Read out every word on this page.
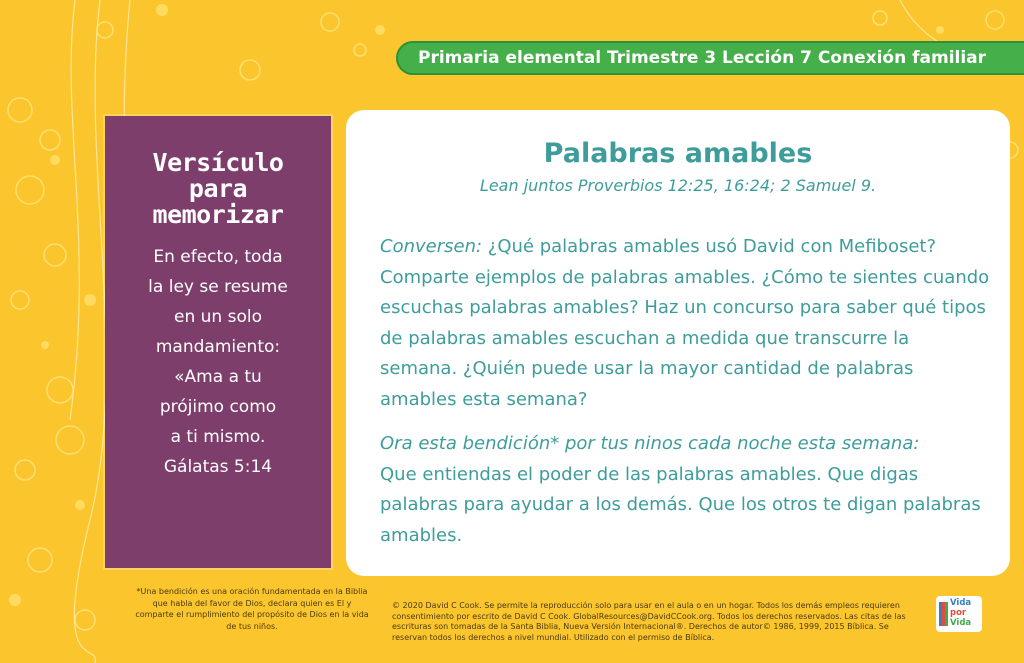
Primaria elemental Trimestre 3 Lección 7 Conexión familiar
Versículo
para
memorizar
En efecto, toda
la ley se resume
en un solo
mandamiento:
«Ama a tu
prójimo como
a ti mismo.
Gálatas 5:14
Palabras amables
Lean juntos Proverbios 12:25, 16:24; 2 Samuel 9.

Conversen: ¿Qué palabras amables usó David con Mefiboset? Comparte ejemplos de palabras amables. ¿Cómo te sientes cuando escuchas palabras amables? Haz un concurso para saber qué tipos de palabras amables escuchan a medida que transcurre la semana. ¿Quién puede usar la mayor cantidad de palabras amables esta semana?

Ora esta bendición* por tus ninos cada noche esta semana:
Que entiendas el poder de las palabras amables. Que digas palabras para ayudar a los demás. Que los otros te digan palabras amables.

*Una bendición es una oración fundamentada en la Biblia que habla del favor de Dios, declara quien es El y comparte el rumplimiento del propósito de Dios en la vida de tus niños.
© 2020 David C Cook. Se permite la reproducción solo para usar en el aula o en un hogar. Todos los demás empleos requieren consentimiento por escrito de David C Cook. GlobalResources@DavidCCook.org. Todos los derechos reservados. Las citas de las escrituras son tomadas de la Santa Biblia, Nueva Versión Internacional®. Derechos de autor© 1986, 1999, 2015 Bíblica. Se reservan todos los derechos a nivel mundial. Utilizado con el permiso de Bíblica.
Vida
por
Vida
